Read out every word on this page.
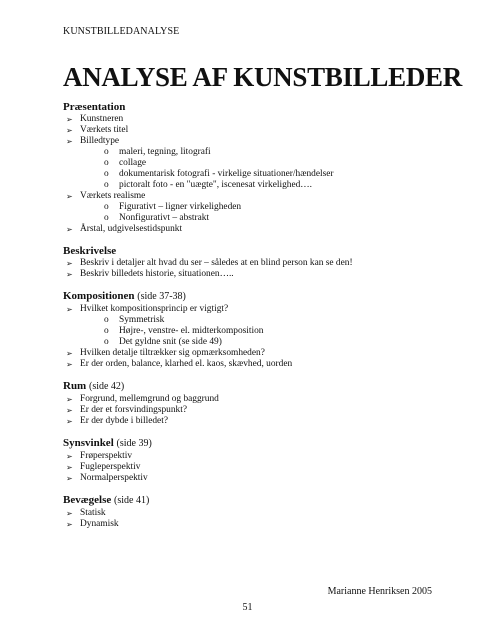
KUNSTBILLEDANALYSE
ANALYSE AF KUNSTBILLEDER
Præsentation
➢ Kunstneren
➢ Værkets titel
➢ Billedtype
o	maleri, tegning, litografi
o	collage
o	dokumentarisk fotografi - virkelige situationer/hændelser
o	pictoralt foto - en "uægte", iscenesat virkelighed….
➢ Værkets realisme
o	Figurativt – ligner virkeligheden
o	Nonfigurativt – abstrakt
➢ Årstal, udgivelsestidspunkt
Beskrivelse
➢ Beskriv i detaljer alt hvad du ser – således at en blind person kan se den!
➢ Beskriv billedets historie, situationen…..
Kompositionen (side 37-38)
➢ Hvilket kompositionsprincip er vigtigt?
o	Symmetrisk
o	Højre-, venstre- el. midterkomposition
o	Det gyldne snit (se side 49)
➢ Hvilken detalje tiltrækker sig opmærksomheden?
➢ Er der orden, balance, klarhed el. kaos, skævhed, uorden
Rum (side 42)
➢ Forgrund, mellemgrund og baggrund
➢ Er der et forsvindingspunkt?
➢ Er der dybde i billedet?
Synsvinkel (side 39)
➢ Frøperspektiv
➢ Fugleperspektiv
➢ Normalperspektiv
Bevægelse (side 41)
➢ Statisk
➢ Dynamisk
Marianne Henriksen 2005
51
